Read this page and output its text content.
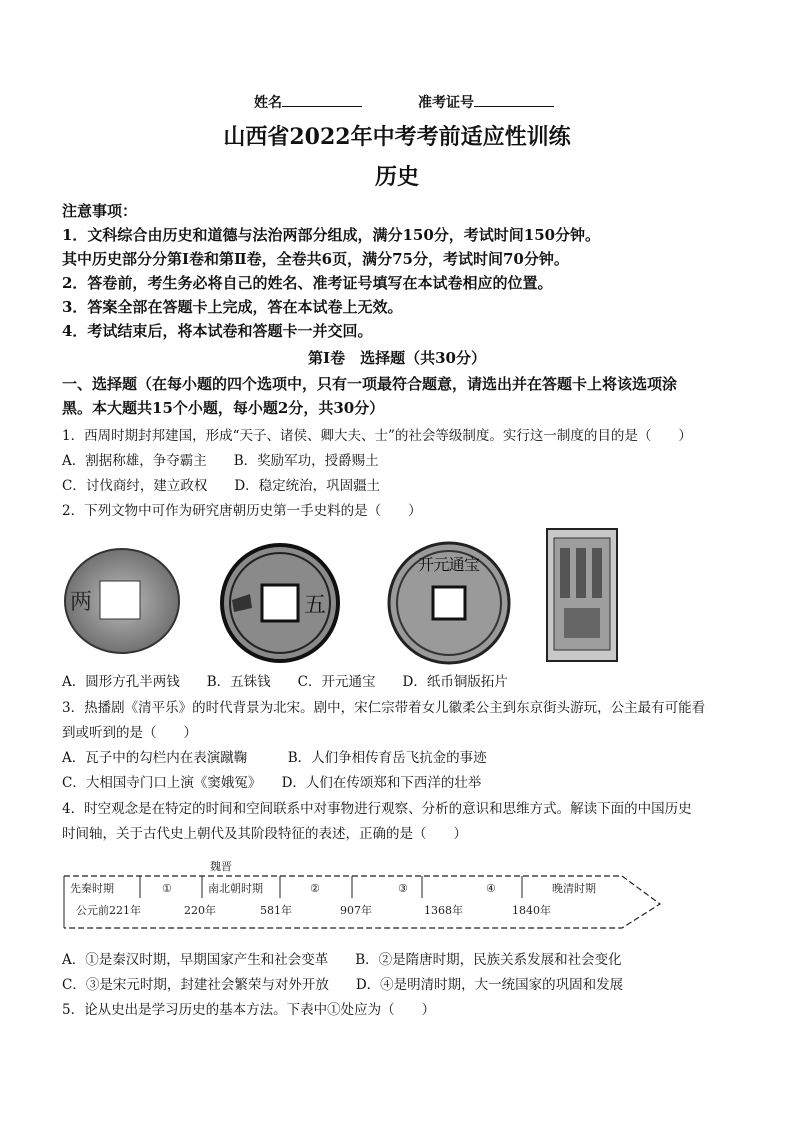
姓名	准考证号
山西省2022年中考考前适应性训练
历史
注意事项：
1．文科综合由历史和道德与法治两部分组成，满分150分，考试时间150分钟。
其中历史部分分第Ⅰ卷和第Ⅱ卷，全卷共6页，满分75分，考试时间70分钟。
2．答卷前，考生务必将自己的姓名、准考证号填写在本试卷相应的位置。
3．答案全部在答题卡上完成，答在本试卷上无效。
4．考试结束后，将本试卷和答题卡一并交回。
第Ⅰ卷　选择题（共30分）
一、选择题（在每小题的四个选项中，只有一项最符合题意，请选出并在答题卡上将该选项涂
黑。本大题共15个小题，每小题2分，共30分）
1．西周时期封邦建国，形成“天子、诸侯、卿大夫、士”的社会等级制度。实行这一制度的目的是（　　）
A．割据称雄，争夺霸主　　B．奖励军功，授爵赐土
C．讨伐商纣，建立政权　　D．稳定统治，巩固疆土
2．下列文物中可作为研究唐朝历史第一手史料的是（　　）
两	五
开元通宝
A．圆形方孔半两钱　　B．五铢钱　　C．开元通宝　　D．纸币铜版拓片
3．热播剧《清平乐》的时代背景为北宋。剧中，宋仁宗带着女儿徽柔公主到东京街头游玩，公主最有可能看
到或听到的是（　　）
A．瓦子中的勾栏内在表演蹴鞠　　　B．人们争相传育岳飞抗金的事迹
C．大相国寺门口上演《窦娥冤》　　D．人们在传颂郑和下西洋的壮举
4．时空观念是在特定的时间和空间联系中对事物进行观察、分析的意识和思维方式。解读下面的中国历史
时间轴，关于古代史上朝代及其阶段特征的表述，正确的是（　　）
魏晋
先秦时期	①	南北朝时期	②	③	④	晚清时期
公元前221年	220年	581年	907年	1368年	1840年
A．①是秦汉时期，早期国家产生和社会变革　　B．②是隋唐时期，民族关系发展和社会变化
C．③是宋元时期，封建社会繁荣与对外开放　　D．④是明清时期，大一统国家的巩固和发展
5．论从史出是学习历史的基本方法。下表中①处应为（　　）
